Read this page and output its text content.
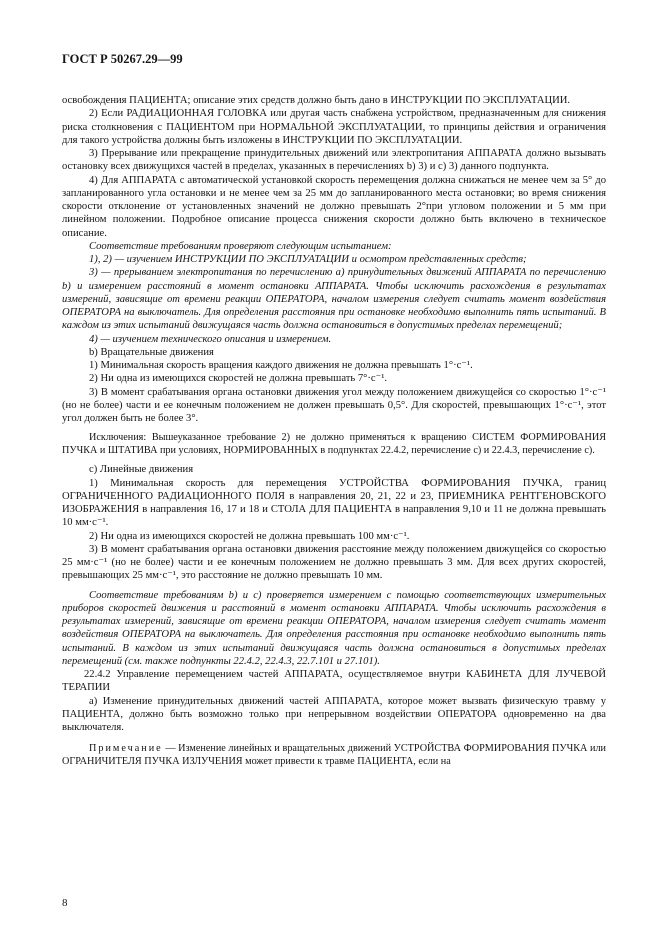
ГОСТ Р 50267.29—99

освобождения ПАЦИЕНТА; описание этих средств должно быть дано в ИНСТРУКЦИИ ПО ЭКСПЛУАТАЦИИ.

2) Если РАДИАЦИОННАЯ ГОЛОВКА или другая часть снабжена устройством, предназначенным для снижения риска столкновения с ПАЦИЕНТОМ при НОРМАЛЬНОЙ ЭКСПЛУАТАЦИИ, то принципы действия и ограничения для такого устройства должны быть изложены в ИНСТРУКЦИИ ПО ЭКСПЛУАТАЦИИ.

3) Прерывание или прекращение принудительных движений или электропитания АППАРАТА должно вызывать остановку всех движущихся частей в пределах, указанных в перечислениях b) 3) и с) 3) данного подпункта.

4) Для АППАРАТА с автоматической установкой скорость перемещения должна снижаться не менее чем за 5° до запланированного угла остановки и не менее чем за 25 мм до запланированного места остановки; во время снижения скорости отклонение от установленных значений не должно превышать 2°при угловом положении и 5 мм при линейном положении. Подробное описание процесса снижения скорости должно быть включено в техническое описание.

Соответствие требованиям проверяют следующим испытанием:

1), 2) — изучением ИНСТРУКЦИИ ПО ЭКСПЛУАТАЦИИ и осмотром представленных средств;

3) — прерыванием электропитания по перечислению а) принудительных движений АППАРАТА по перечислению b) и измерением расстояний в момент остановки АППАРАТА. Чтобы исключить расхождения в результатах измерений, зависящие от времени реакции ОПЕРАТОРА, началом измерения следует считать момент воздействия ОПЕРАТОРА на выключатель. Для определения расстояния при остановке необходимо выполнить пять испытаний. В каждом из этих испытаний движущаяся часть должна остановиться в допустимых пределах перемещений;

4) — изучением технического описания и измерением.

b) Вращательные движения

1) Минимальная скорость вращения каждого движения не должна превышать 1°·с⁻¹.

2) Ни одна из имеющихся скоростей не должна превышать 7°·с⁻¹.

3) В момент срабатывания органа остановки движения угол между положением движущейся со скоростью 1°·с⁻¹ (но не более) части и ее конечным положением не должен превышать 0,5°. Для скоростей, превышающих 1°·с⁻¹, этот угол должен быть не более 3°.

Исключения: Вышеуказанное требование 2) не должно применяться к вращению СИСТЕМ ФОРМИРОВАНИЯ ПУЧКА и ШТАТИВА при условиях, НОРМИРОВАННЫХ в подпунктах 22.4.2, перечисление с) и 22.4.3, перечисление с).

с) Линейные движения

1) Минимальная скорость для перемещения УСТРОЙСТВА ФОРМИРОВАНИЯ ПУЧКА, границ ОГРАНИЧЕННОГО РАДИАЦИОННОГО ПОЛЯ в направления 20, 21, 22 и 23, ПРИЕМНИКА РЕНТГЕНОВСКОГО ИЗОБРАЖЕНИЯ в направления 16, 17 и 18 и СТОЛА ДЛЯ ПАЦИЕНТА в направления 9,10 и 11 не должна превышать 10 мм·с⁻¹.

2) Ни одна из имеющихся скоростей не должна превышать 100 мм·с⁻¹.

3) В момент срабатывания органа остановки движения расстояние между положением движущейся со скоростью 25 мм·с⁻¹ (но не более) части и ее конечным положением не должно превышать 3 мм. Для всех других скоростей, превышающих 25 мм·с⁻¹, это расстояние не должно превышать 10 мм.

Соответствие требованиям b) и с) проверяется измерением с помощью соответствующих измерительных приборов скоростей движения и расстояний в момент остановки АППАРАТА. Чтобы исключить расхождения в результатах измерений, зависящие от времени реакции ОПЕРАТОРА, началом измерения следует считать момент воздействия ОПЕРАТОРА на выключатель. Для определения расстояния при остановке необходимо выполнить пять испытаний. В каждом из этих испытаний движущаяся часть должна остановиться в допустимых пределах перемещений (см. также подпункты 22.4.2, 22.4.3, 22.7.101 и 27.101).

22.4.2 Управление перемещением частей АППАРАТА, осуществляемое внутри КАБИНЕТА ДЛЯ ЛУЧЕВОЙ ТЕРАПИИ

а) Изменение принудительных движений частей АППАРАТА, которое может вызвать физическую травму у ПАЦИЕНТА, должно быть возможно только при непрерывном воздействии ОПЕРАТОРА одновременно на два выключателя.

Примечание — Изменение линейных и вращательных движений УСТРОЙСТВА ФОРМИРОВАНИЯ ПУЧКА или ОГРАНИЧИТЕЛЯ ПУЧКА ИЗЛУЧЕНИЯ может привести к травме ПАЦИЕНТА, если на

8
